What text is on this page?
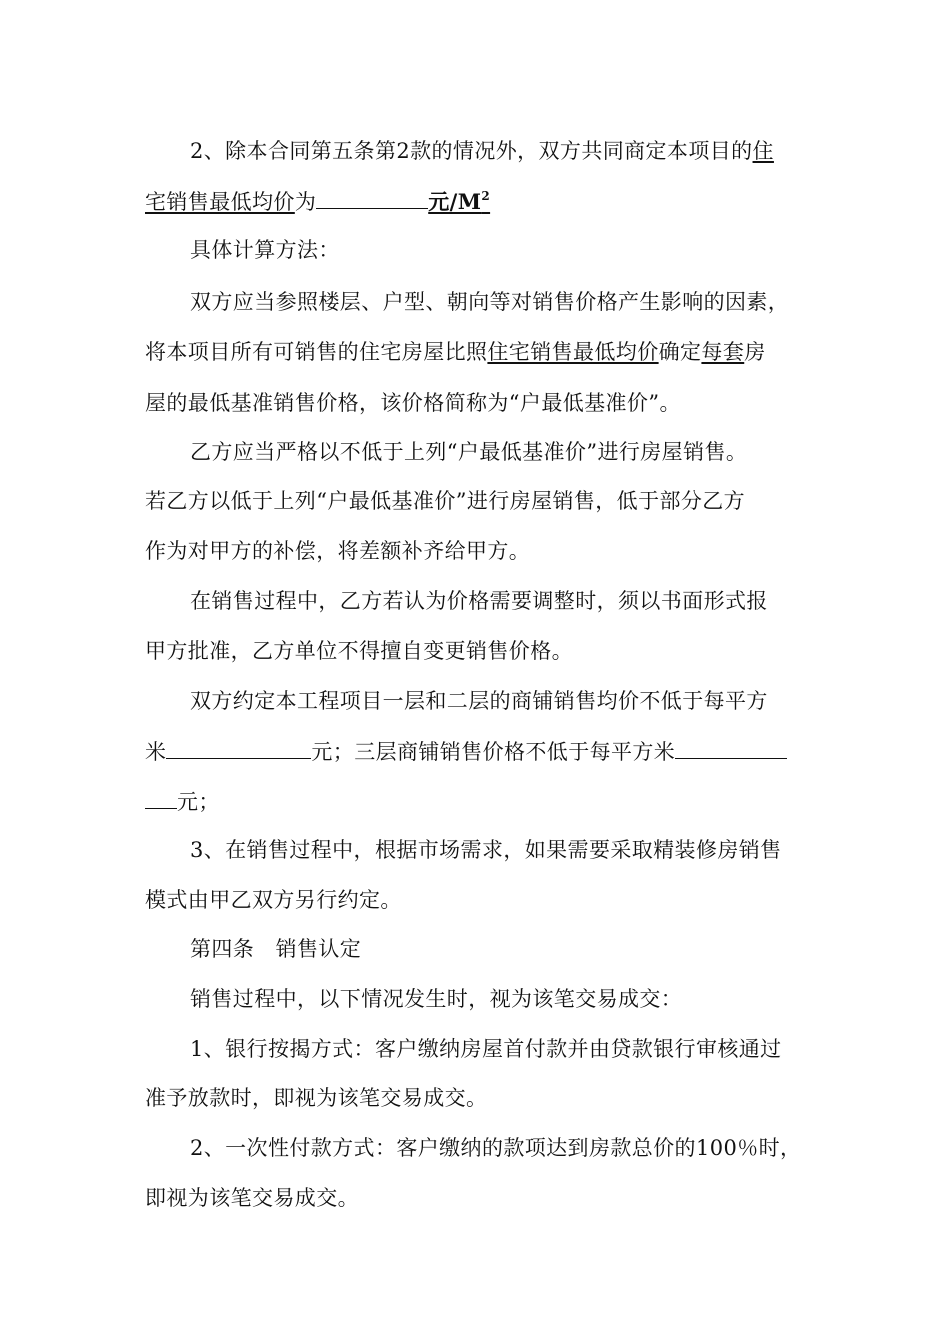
2、除本合同第五条第2款的情况外，双方共同商定本项目的住
宅销售最低均价为	元$/M^2$
具体计算方法：
双方应当参照楼层、户型、朝向等对销售价格产生影响的因素，
将本项目所有可销售的住宅房屋比照住宅销售最低均价确定每套房
屋的最低基准销售价格，该价格简称为“户最低基准价”。
乙方应当严格以不低于上列“户最低基准价”进行房屋销售。
若乙方以低于上列“户最低基准价”进行房屋销售，低于部分乙方
作为对甲方的补偿，将差额补齐给甲方。
在销售过程中，乙方若认为价格需要调整时，须以书面形式报
甲方批准，乙方单位不得擅自变更销售价格。
双方约定本工程项目一层和二层的商铺销售均价不低于每平方
米	元；三层商铺销售价格不低于每平方米
元；
3、在销售过程中，根据市场需求，如果需要采取精装修房销售
模式由甲乙双方另行约定。
第四条　销售认定
销售过程中，以下情况发生时，视为该笔交易成交：
1、银行按揭方式：客户缴纳房屋首付款并由贷款银行审核通过
准予放款时，即视为该笔交易成交。
2、一次性付款方式：客户缴纳的款项达到房款总价的100％时，
即视为该笔交易成交。
